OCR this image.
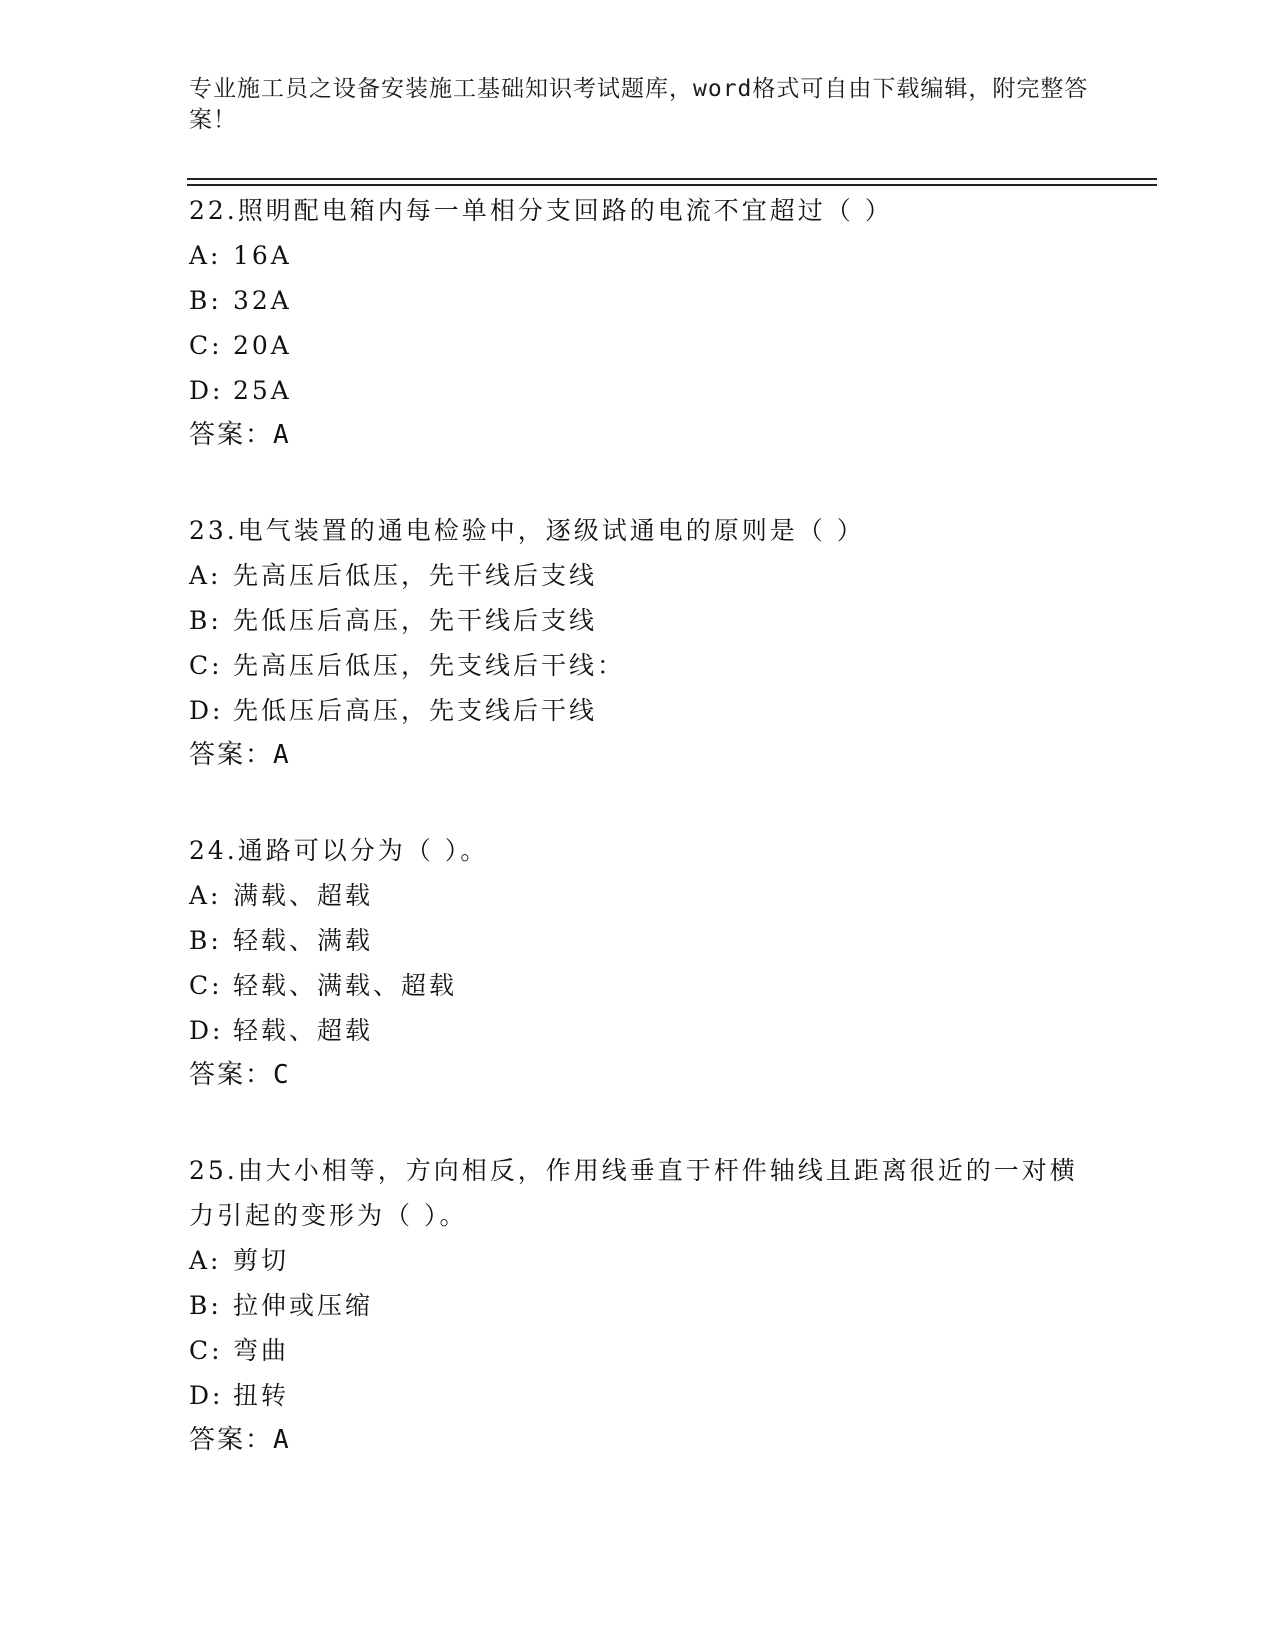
专业施工员之设备安装施工基础知识考试题库，word格式可自由下载编辑，附完整答案！

22.照明配电箱内每一单相分支回路的电流不宜超过（ ）

A: 16A
B: 32A
C: 20A
D: 25A

答案：A

23.电气装置的通电检验中，逐级试通电的原则是（ ）

A: 先高压后低压，先干线后支线
B: 先低压后高压，先干线后支线
C: 先高压后低压，先支线后干线：
D: 先低压后高压，先支线后干线

答案：A

24.通路可以分为（ ）。

A: 满载、超载
B: 轻载、满载
C: 轻载、满载、超载
D: 轻载、超载

答案：C

25.由大小相等，方向相反，作用线垂直于杆件轴线且距离很近的一对横力引起的变形为（ ）。

A: 剪切
B: 拉伸或压缩
C: 弯曲
D: 扭转

答案：A
